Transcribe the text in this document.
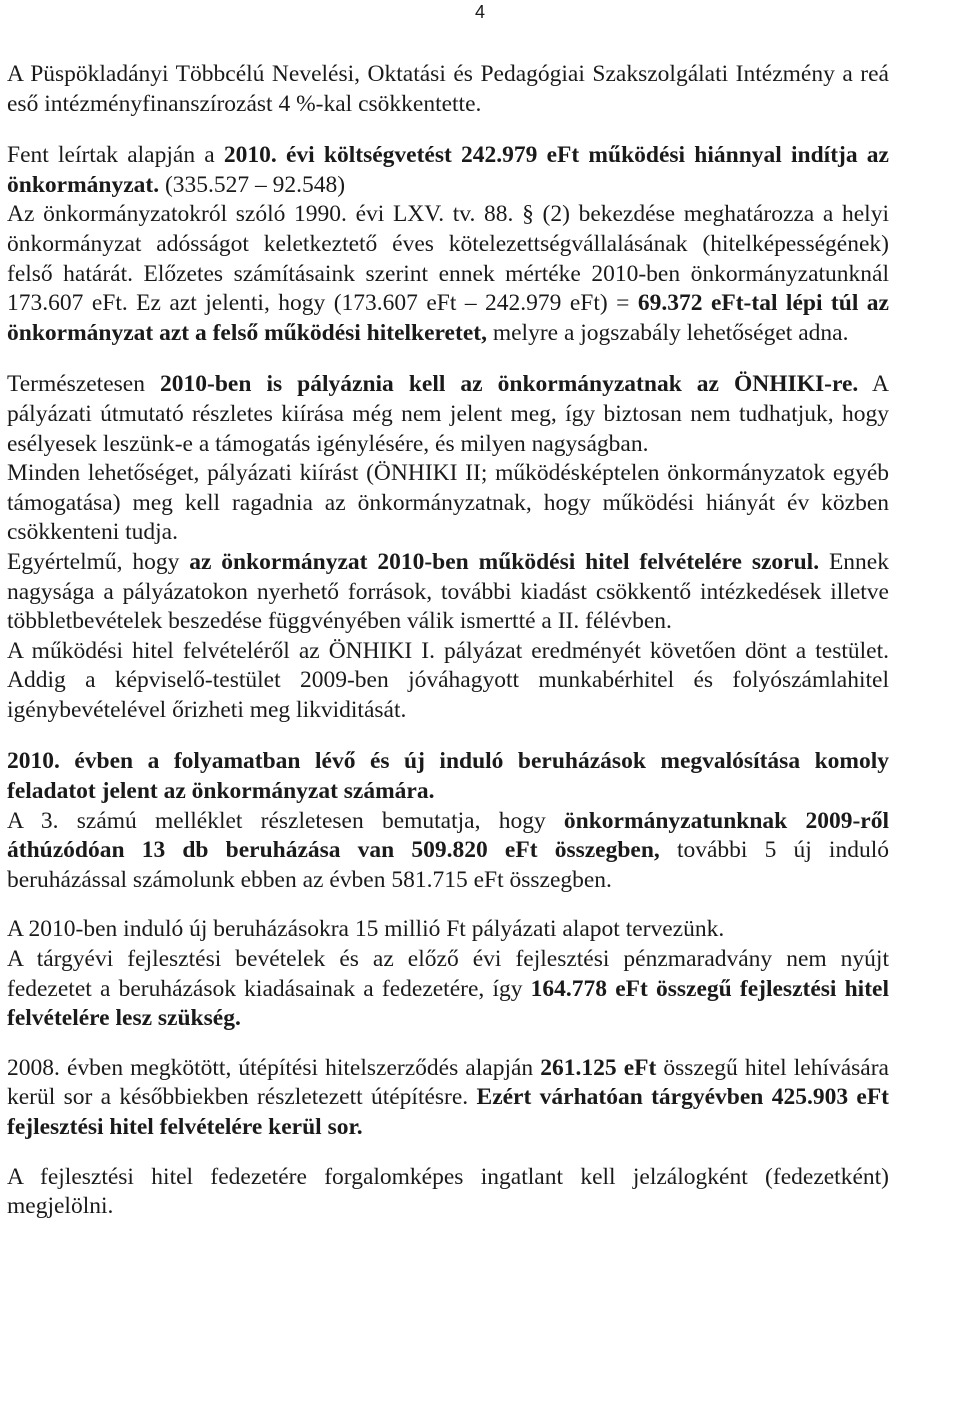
4

A Püspökladányi Többcélú Nevelési, Oktatási és Pedagógiai Szakszolgálati Intézmény a reá eső intézményfinanszírozást 4 %-kal csökkentette.

Fent leírtak alapján a 2010. évi költségvetést 242.979 eFt működési hiánnyal indítja az önkormányzat. (335.527 – 92.548)

Az önkormányzatokról szóló 1990. évi LXV. tv. 88. § (2) bekezdése meghatározza a helyi önkormányzat adósságot keletkeztető éves kötelezettségvállalásának (hitelképességének) felső határát. Előzetes számításaink szerint ennek mértéke 2010-ben önkormányzatunknál 173.607 eFt. Ez azt jelenti, hogy (173.607 eFt – 242.979 eFt) = 69.372 eFt-tal lépi túl az önkormányzat azt a felső működési hitelkeretet, melyre a jogszabály lehetőséget adna.

Természetesen 2010-ben is pályáznia kell az önkormányzatnak az ÖNHIKI-re. A pályázati útmutató részletes kiírása még nem jelent meg, így biztosan nem tudhatjuk, hogy esélyesek leszünk-e a támogatás igénylésére, és milyen nagyságban.

Minden lehetőséget, pályázati kiírást (ÖNHIKI II; működésképtelen önkormányzatok egyéb támogatása) meg kell ragadnia az önkormányzatnak, hogy működési hiányát év közben csökkenteni tudja.

Egyértelmű, hogy az önkormányzat 2010-ben működési hitel felvételére szorul. Ennek nagysága a pályázatokon nyerhető források, további kiadást csökkentő intézkedések illetve többletbevételek beszedése függvényében válik ismertté a II. félévben.

A működési hitel felvételéről az ÖNHIKI I. pályázat eredményét követően dönt a testület. Addig a képviselő-testület 2009-ben jóváhagyott munkabérhitel és folyószámlahitel igénybevételével őrizheti meg likviditását.

2010. évben a folyamatban lévő és új induló beruházások megvalósítása komoly feladatot jelent az önkormányzat számára.

A 3. számú melléklet részletesen bemutatja, hogy önkormányzatunknak 2009-ről áthúzódóan 13 db beruházása van 509.820 eFt összegben, további 5 új induló beruházással számolunk ebben az évben 581.715 eFt összegben.

A 2010-ben induló új beruházásokra 15 millió Ft pályázati alapot tervezünk.

A tárgyévi fejlesztési bevételek és az előző évi fejlesztési pénzmaradvány nem nyújt fedezetet a beruházások kiadásainak a fedezetére, így 164.778 eFt összegű fejlesztési hitel felvételére lesz szükség.

2008. évben megkötött, útépítési hitelszerződés alapján 261.125 eFt összegű hitel lehívására kerül sor a későbbiekben részletezett útépítésre. Ezért várhatóan tárgyévben 425.903 eFt fejlesztési hitel felvételére kerül sor.

A fejlesztési hitel fedezetére forgalomképes ingatlant kell jelzálogként (fedezetként) megjelölni.
